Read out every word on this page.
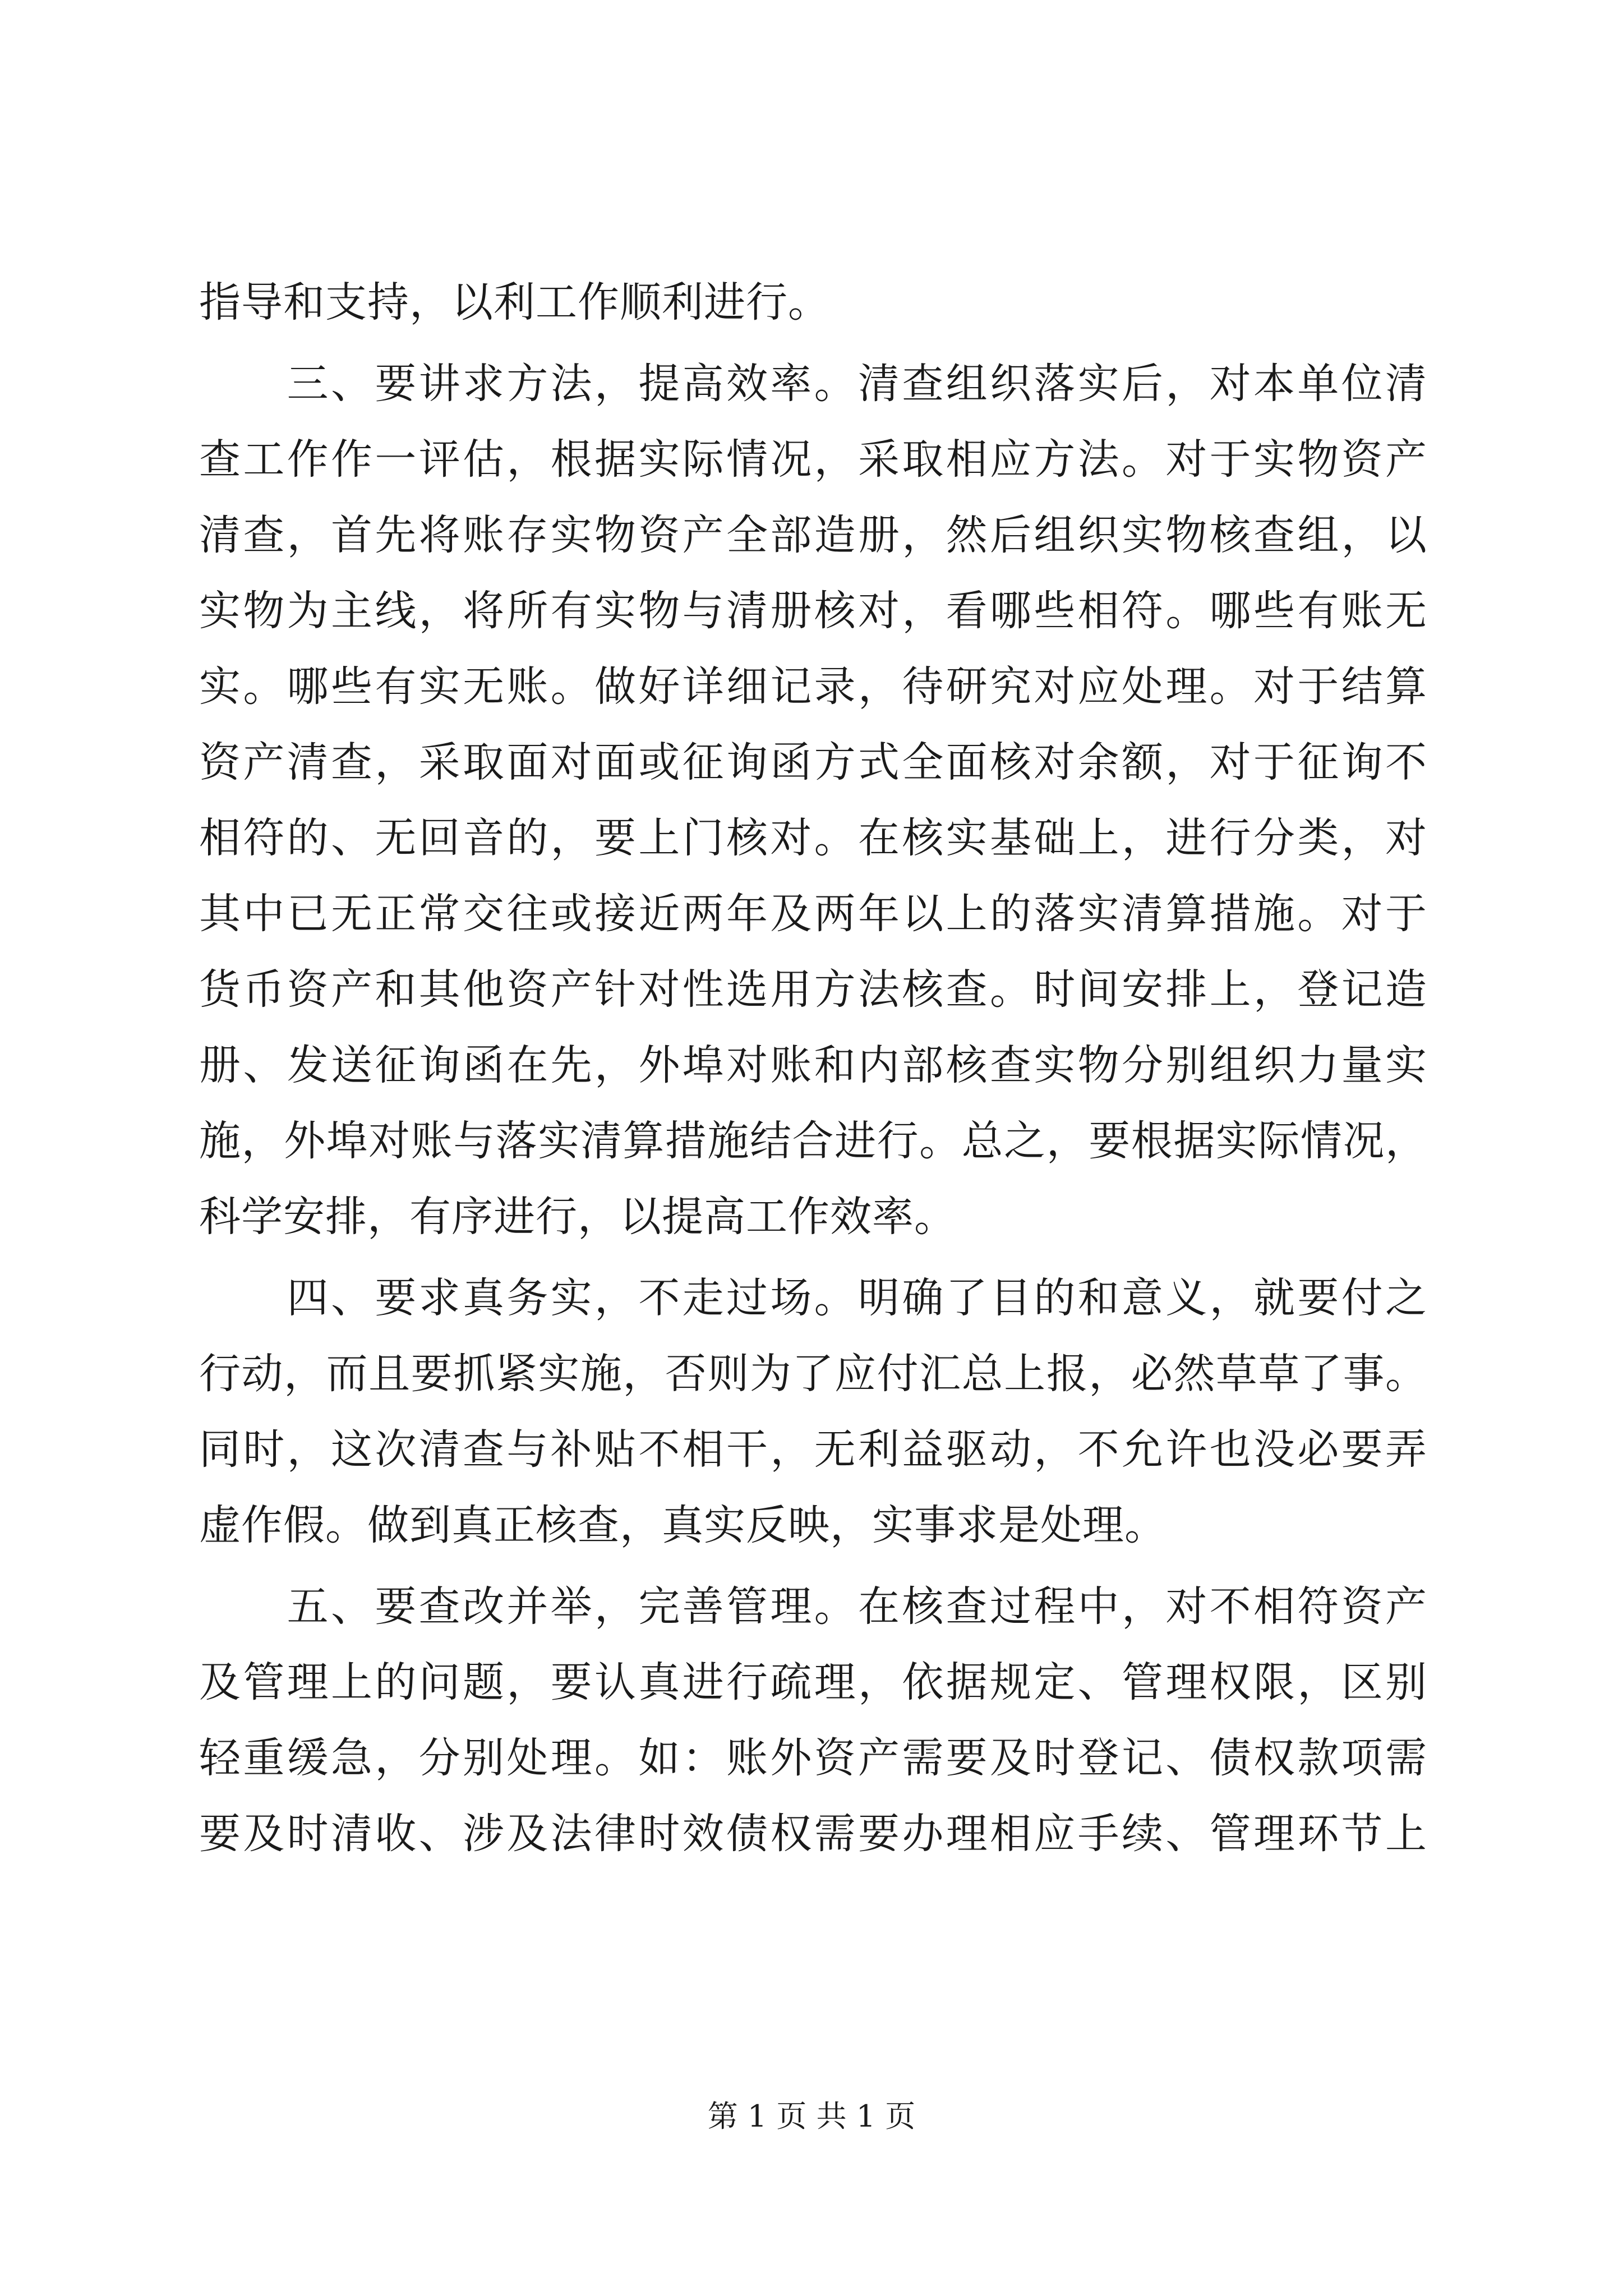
指导和支持，以利工作顺利进行。
　　三、要讲求方法，提高效率。清查组织落实后，对本单位清
查工作作一评估，根据实际情况，采取相应方法。对于实物资产
清查，首先将账存实物资产全部造册，然后组织实物核查组，以
实物为主线，将所有实物与清册核对，看哪些相符。哪些有账无
实。哪些有实无账。做好详细记录，待研究对应处理。对于结算
资产清查，采取面对面或征询函方式全面核对余额，对于征询不
相符的、无回音的，要上门核对。在核实基础上，进行分类，对
其中已无正常交往或接近两年及两年以上的落实清算措施。对于
货币资产和其他资产针对性选用方法核查。时间安排上，登记造
册、发送征询函在先，外埠对账和内部核查实物分别组织力量实
施，外埠对账与落实清算措施结合进行。总之，要根据实际情况，
科学安排，有序进行，以提高工作效率。
　　四、要求真务实，不走过场。明确了目的和意义，就要付之
行动，而且要抓紧实施，否则为了应付汇总上报，必然草草了事。
同时，这次清查与补贴不相干，无利益驱动，不允许也没必要弄
虚作假。做到真正核查，真实反映，实事求是处理。
　　五、要查改并举，完善管理。在核查过程中，对不相符资产
及管理上的问题，要认真进行疏理，依据规定、管理权限，区别
轻重缓急，分别处理。如：账外资产需要及时登记、债权款项需
要及时清收、涉及法律时效债权需要办理相应手续、管理环节上
第 1 页 共 1 页
